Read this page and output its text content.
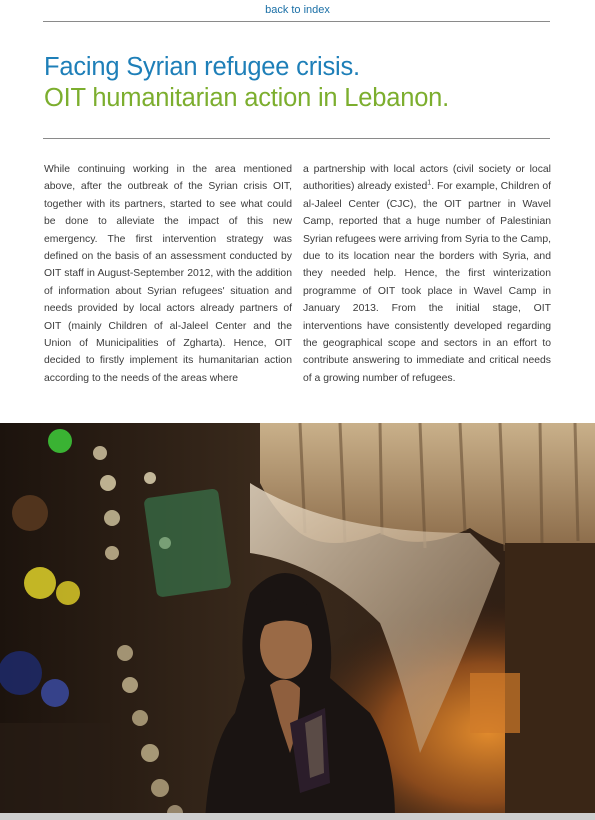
back to index
Facing Syrian refugee crisis.
OIT humanitarian action in Lebanon.

While continuing working in the area mentioned above, after the outbreak of the Syrian crisis OIT, together with its partners, started to see what could be done to alleviate the impact of this new emergency. The first intervention strategy was defined on the basis of an assessment conducted by OIT staff in August-September 2012, with the addition of information about Syrian refugees' situation and needs provided by local actors already partners of OIT (mainly Children of al-Jaleel Center and the Union of Municipalities of Zgharta). Hence, OIT decided to firstly implement its humanitarian action according to the needs of the areas where

a partnership with local actors (civil society or local authorities) already existed$^1$. For example, Children of al-Jaleel Center (CJC), the OIT partner in Wavel Camp, reported that a huge number of Palestinian Syrian refugees were arriving from Syria to the Camp, due to its location near the borders with Syria, and they needed help. Hence, the first winterization programme of OIT took place in Wavel Camp in January 2013. From the initial stage, OIT interventions have consistently developed regarding the geographical scope and sectors in an effort to contribute answering to immediate and critical needs of a growing number of refugees.
